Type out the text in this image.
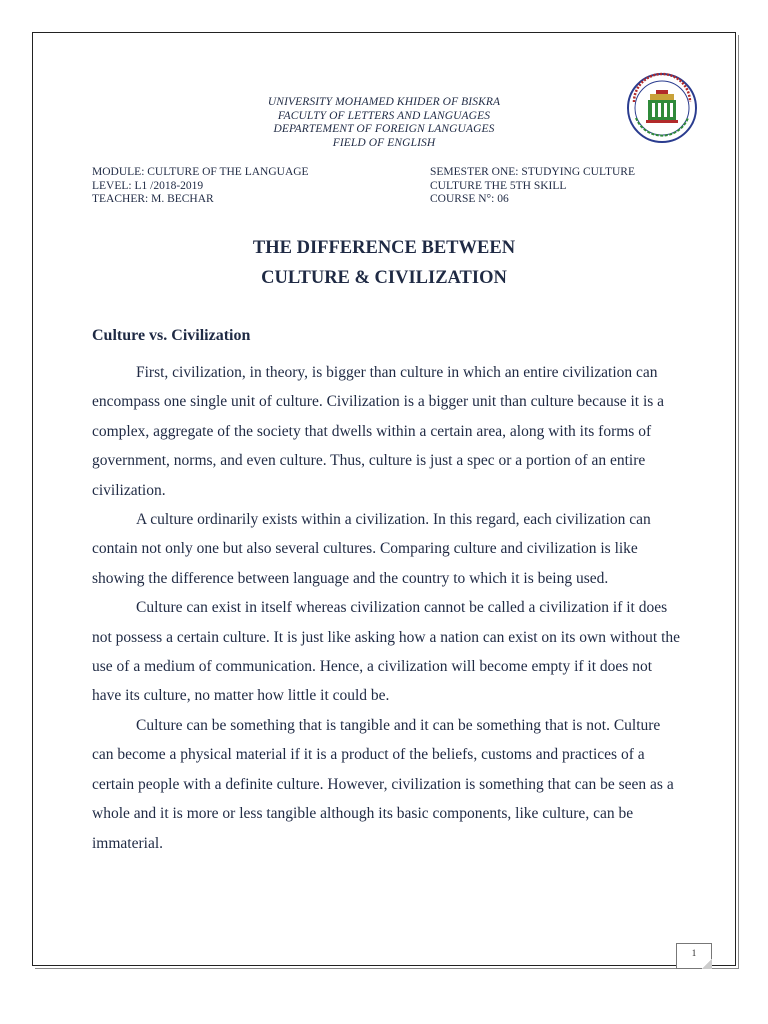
UNIVERSITY MOHAMED KHIDER OF BISKRA
FACULTY OF LETTERS AND LANGUAGES
DEPARTEMENT OF FOREIGN LANGUAGES
FIELD OF ENGLISH
MODULE: CULTURE OF THE LANGUAGE
LEVEL: L1 /2018-2019
TEACHER: M. BECHAR
SEMESTER ONE: STUDYING CULTURE
CULTURE THE 5TH SKILL
COURSE N°: 06
THE DIFFERENCE BETWEEN
CULTURE & CIVILIZATION
Culture vs. Civilization

First, civilization, in theory, is bigger than culture in which an entire civilization can encompass one single unit of culture. Civilization is a bigger unit than culture because it is a complex, aggregate of the society that dwells within a certain area, along with its forms of government, norms, and even culture. Thus, culture is just a spec or a portion of an entire civilization.

A culture ordinarily exists within a civilization. In this regard, each civilization can contain not only one but also several cultures. Comparing culture and civilization is like showing the difference between language and the country to which it is being used.

Culture can exist in itself whereas civilization cannot be called a civilization if it does not possess a certain culture. It is just like asking how a nation can exist on its own without the use of a medium of communication. Hence, a civilization will become empty if it does not have its culture, no matter how little it could be.

Culture can be something that is tangible and it can be something that is not. Culture can become a physical material if it is a product of the beliefs, customs and practices of a certain people with a definite culture. However, civilization is something that can be seen as a whole and it is more or less tangible although its basic components, like culture, can be immaterial.

1
